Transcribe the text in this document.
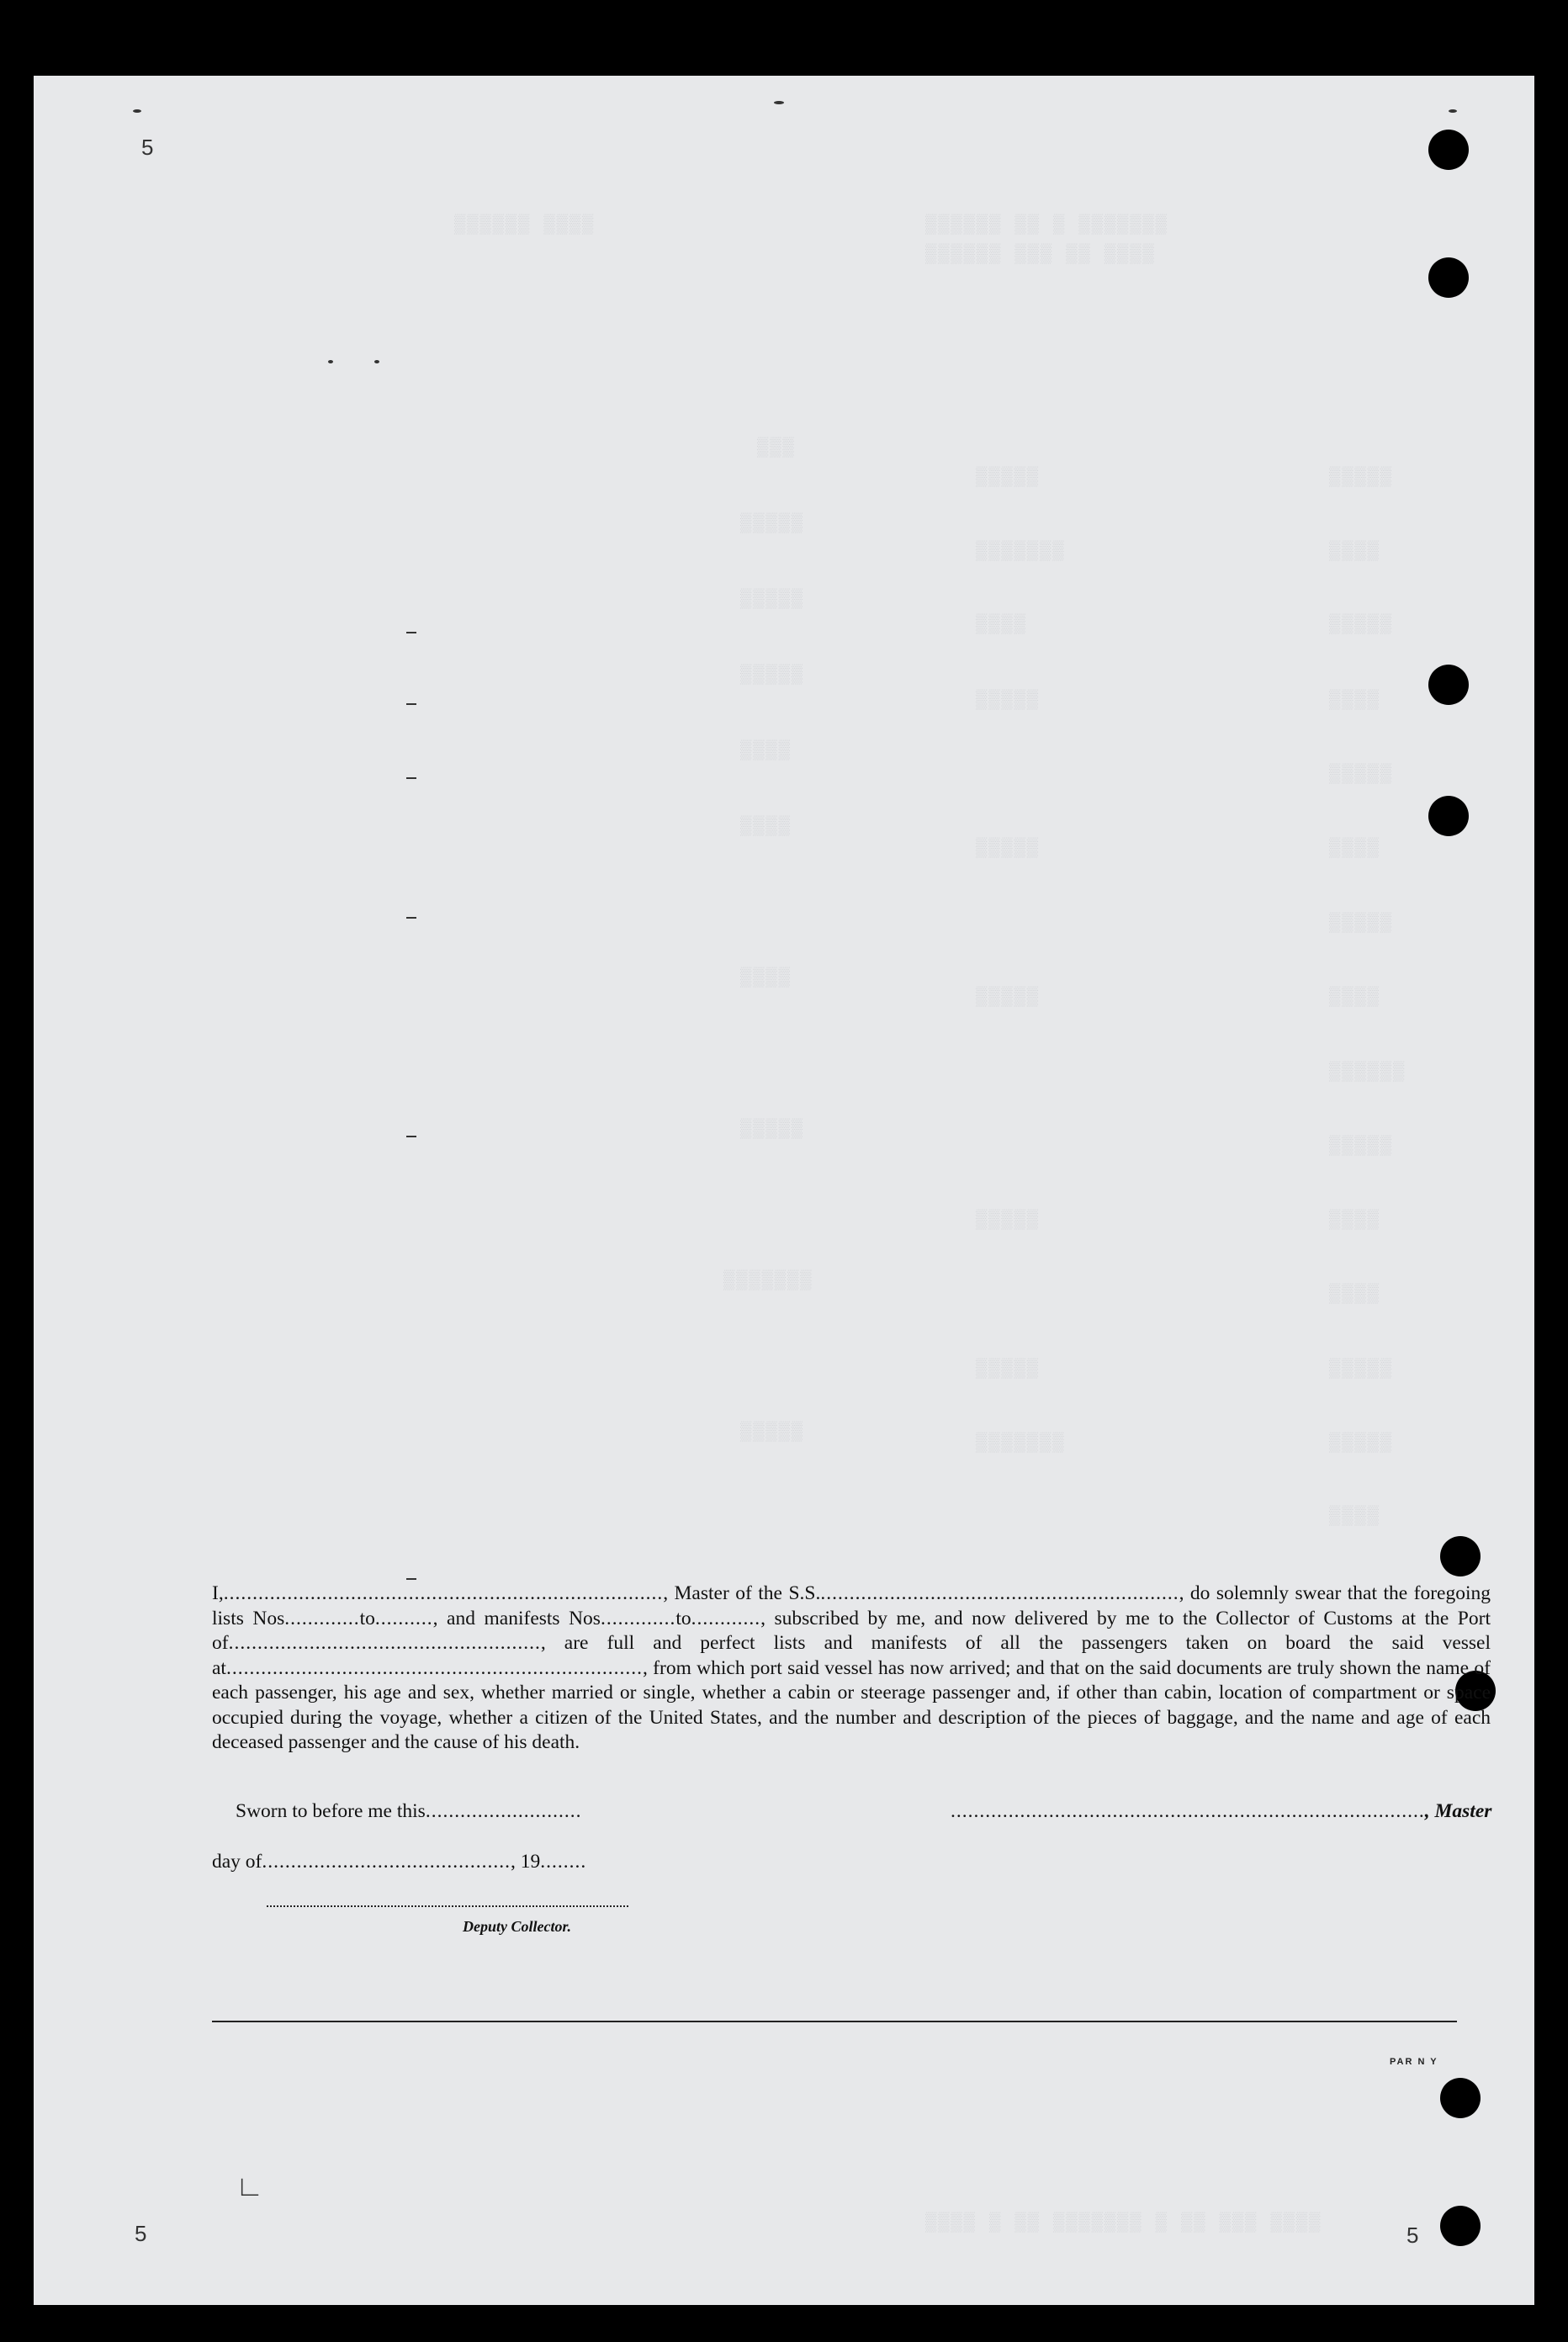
▒▒▒▒▒▒ ▒▒ ▒ ▒▒▒▒▒▒▒
▒▒▒▒▒▒ ▒▒▒ ▒▒ ▒▒▒▒
▒▒▒▒▒▒ ▒▒▒▒
▒▒▒▒▒
▒▒▒▒
▒▒▒▒▒
▒▒▒▒
▒▒▒▒▒
▒▒▒▒
▒▒▒▒▒
▒▒▒▒
▒▒▒▒▒▒
▒▒▒▒▒
▒▒▒▒
▒▒▒▒
▒▒▒▒▒
▒▒▒▒▒
▒▒▒▒
▒▒▒▒▒
▒▒▒▒▒▒▒
▒▒▒▒
▒▒▒▒▒
▒▒▒▒▒
▒▒▒▒▒
▒▒▒▒▒
▒▒▒▒▒
▒▒▒▒▒▒▒
▒▒▒
▒▒▒▒▒
▒▒▒▒▒
▒▒▒▒▒
▒▒▒▒
▒▒▒▒
▒▒▒▒
▒▒▒▒▒
▒▒▒▒▒▒▒
▒▒▒▒▒
▒▒▒▒ ▒ ▒▒ ▒▒▒▒▒▒▒ ▒ ▒▒ ▒▒▒ ▒▒▒▒
5
5	5
∟

I,............................................................................, Master of the S.S..............................................................., do solemnly swear that the foregoing lists Nos.............to.........., and manifests Nos.............to............, subscribed by me, and now delivered by me to the Collector of Customs at the Port of......................................................, are full and perfect lists and manifests of all the passengers taken on board the said vessel at........................................................................, from which port said vessel has now arrived; and that on the said documents are truly shown the name of each passenger, his age and sex, whether married or single, whether a cabin or steerage passenger and, if other than cabin, location of compartment or space occupied during the voyage, whether a citizen of the United States, and the number and description of the pieces of baggage, and the name and age of each deceased passenger and the cause of his death.

Sworn to before me this...........................	.................................................................................., Master
day of..........................................., 19........
Deputy Collector.
PAR N Y
